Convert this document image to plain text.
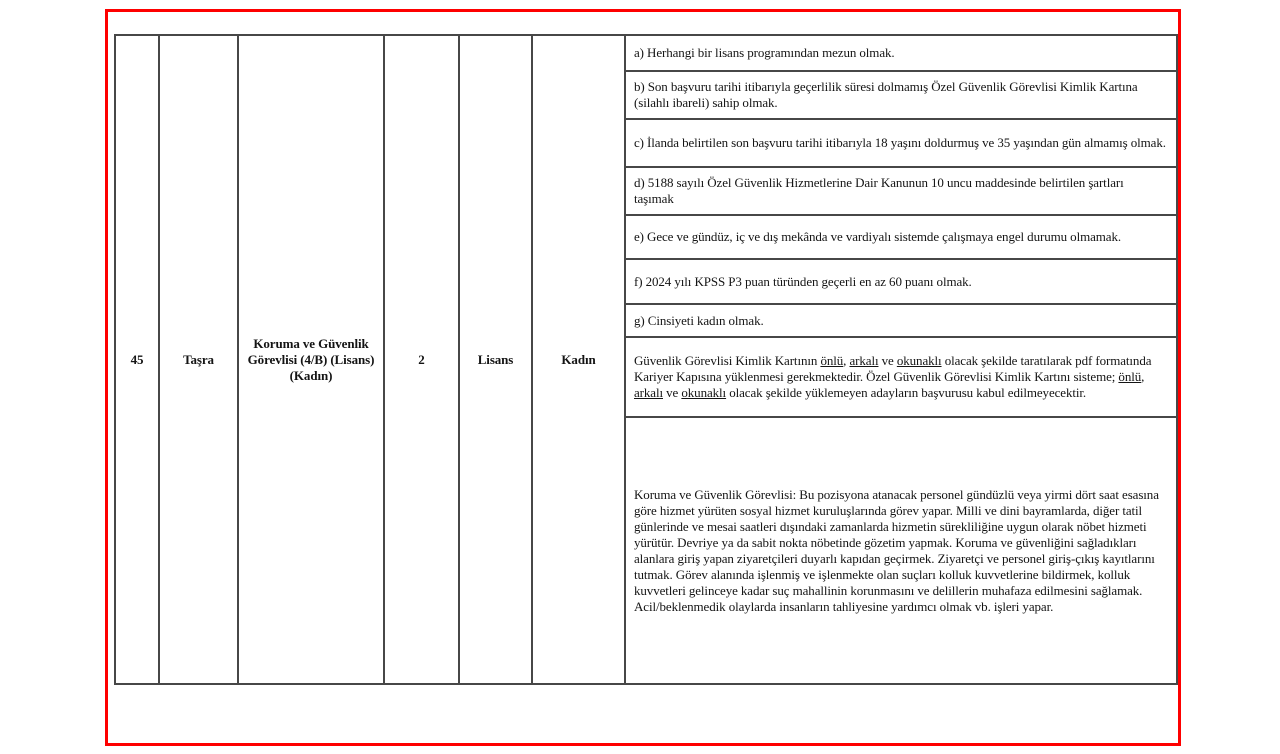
45	Taşra	Koruma ve Güvenlik Görevlisi (4/B) (Lisans)(Kadın)	2	Lisans	Kadın	a) Herhangi bir lisans programından mezun olmak.
b) Son başvuru tarihi itibarıyla geçerlilik süresi dolmamış Özel Güvenlik Görevlisi Kimlik Kartına (silahlı ibareli) sahip olmak.
c) İlanda belirtilen son başvuru tarihi itibarıyla 18 yaşını doldurmuş ve 35 yaşından gün almamış olmak.
d) 5188 sayılı Özel Güvenlik Hizmetlerine Dair Kanunun 10 uncu maddesinde belirtilen şartları taşımak
e) Gece ve gündüz, iç ve dış mekânda ve vardiyalı sistemde çalışmaya engel durumu olmamak.
f) 2024 yılı KPSS P3 puan türünden geçerli en az 60 puanı olmak.
g) Cinsiyeti kadın olmak.
Güvenlik Görevlisi Kimlik Kartının önlü, arkalı ve okunaklı olacak şekilde taratılarak pdf formatında Kariyer Kapısına yüklenmesi gerekmektedir. Özel Güvenlik Görevlisi Kimlik Kartını sisteme; önlü, arkalı ve okunaklı olacak şekilde yüklemeyen adayların başvurusu kabul edilmeyecektir.
Koruma ve Güvenlik Görevlisi: Bu pozisyona atanacak personel gündüzlü veya yirmi dört saat esasına göre hizmet yürüten sosyal hizmet kuruluşlarında görev yapar. Milli ve dini bayramlarda, diğer tatil günlerinde ve mesai saatleri dışındaki zamanlarda hizmetin sürekliliğine uygun olarak nöbet hizmeti yürütür. Devriye ya da sabit nokta nöbetinde gözetim yapmak. Koruma ve güvenliğini sağladıkları alanlara giriş yapan ziyaretçileri duyarlı kapıdan geçirmek. Ziyaretçi ve personel giriş-çıkış kayıtlarını tutmak. Görev alanında işlenmiş ve işlenmekte olan suçları kolluk kuvvetlerine bildirmek, kolluk kuvvetleri gelinceye kadar suç mahallinin korunmasını ve delillerin muhafaza edilmesini sağlamak. Acil/beklenmedik olaylarda insanların tahliyesine yardımcı olmak vb. işleri yapar.
